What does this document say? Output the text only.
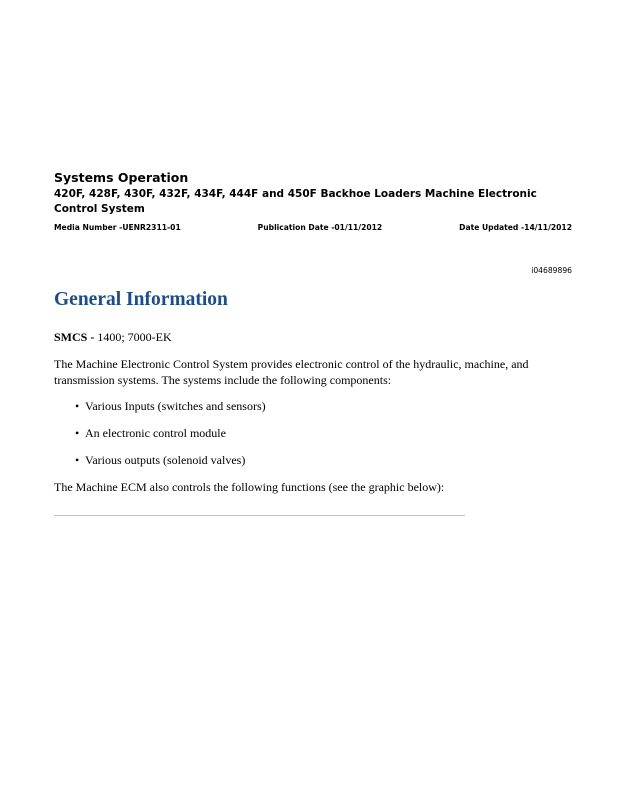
Systems Operation
420F, 428F, 430F, 432F, 434F, 444F and 450F Backhoe Loaders Machine Electronic Control System
Media Number -UENR2311-01	Publication Date -01/11/2012	Date Updated -14/11/2012
i04689896
General Information
SMCS - 1400; 7000-EK
The Machine Electronic Control System provides electronic control of the hydraulic, machine, and transmission systems. The systems include the following components:
• Various Inputs (switches and sensors)
• An electronic control module
• Various outputs (solenoid valves)
The Machine ECM also controls the following functions (see the graphic below):
